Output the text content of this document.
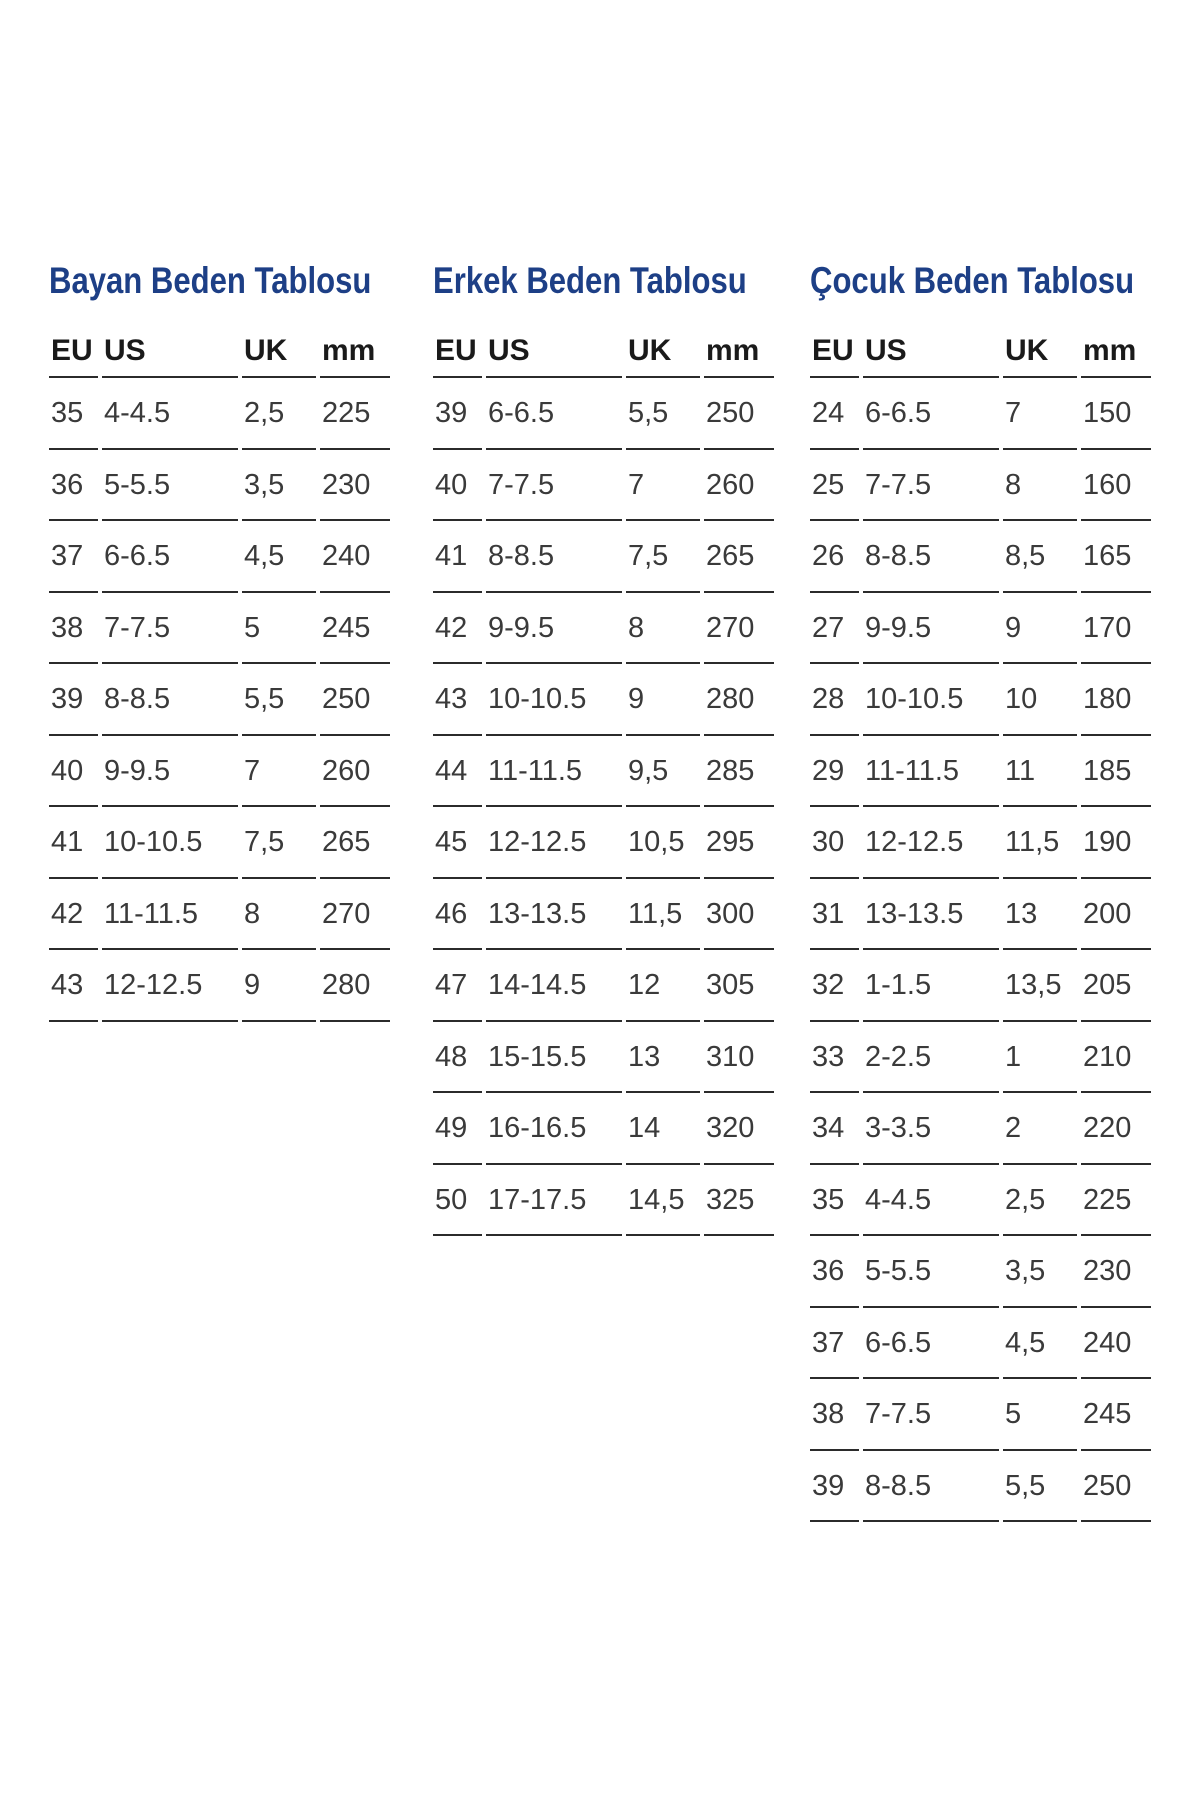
Bayan Beden Tablosu
EU US	UK	mm
35 4-4.5	2,5	225
36 5-5.5	3,5	230
37 6-6.5	4,5	240
38 7-7.5	5	245
39 8-8.5	5,5	250
40 9-9.5	7	260
41 10-10.5	7,5	265
42 11-11.5	8	270
43 12-12.5	9	280
Erkek Beden Tablosu
EU US	UK	mm
39 6-6.5	5,5	250
40 7-7.5	7	260
41 8-8.5	7,5	265
42 9-9.5	8	270
43 10-10.5	9	280
44 11-11.5	9,5	285
45 12-12.5	10,5 295
46 13-13.5	11,5 300
47 14-14.5	12	305
48 15-15.5	13	310
49 16-16.5	14	320
50 17-17.5	14,5 325
Çocuk Beden Tablosu
EU US	UK	mm
24 6-6.5	7	150
25 7-7.5	8	160
26 8-8.5	8,5	165
27 9-9.5	9	170
28 10-10.5	10	180
29 11-11.5	11	185
30 12-12.5	11,5 190
31 13-13.5	13	200
32 1-1.5	13,5 205
33 2-2.5	1	210
34 3-3.5	2	220
35 4-4.5	2,5	225
36 5-5.5	3,5	230
37 6-6.5	4,5	240
38 7-7.5	5	245
39 8-8.5	5,5	250
